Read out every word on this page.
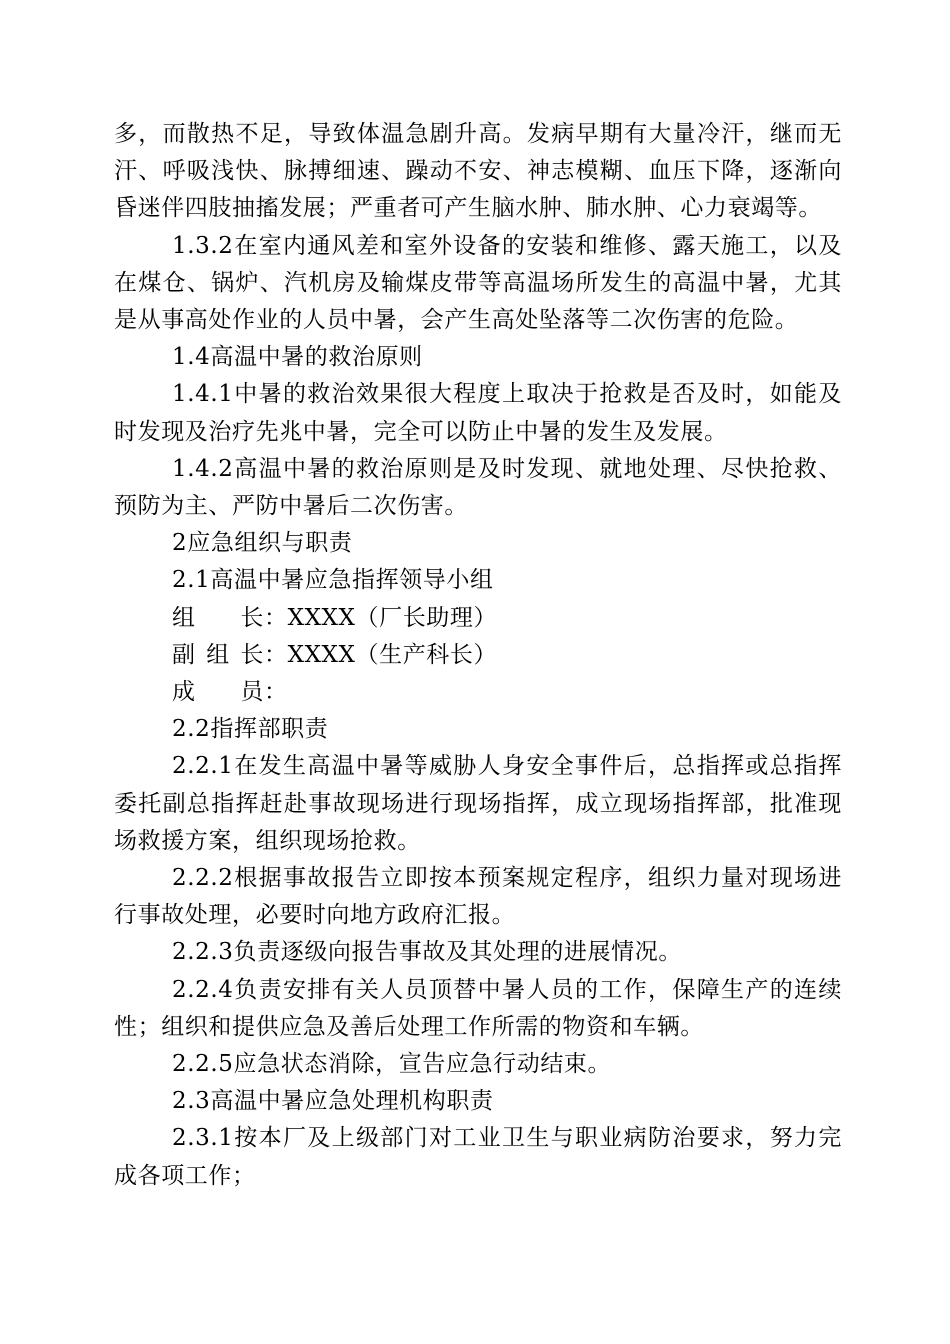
多，而散热不足，导致体温急剧升高。发病早期有大量冷汗，继而无汗、呼吸浅快、脉搏细速、躁动不安、神志模糊、血压下降，逐渐向昏迷伴四肢抽搐发展；严重者可产生脑水肿、肺水肿、心力衰竭等。

1.3.2在室内通风差和室外设备的安装和维修、露天施工，以及在煤仓、锅炉、汽机房及输煤皮带等高温场所发生的高温中暑，尤其是从事高处作业的人员中暑，会产生高处坠落等二次伤害的危险。

1.4高温中暑的救治原则

1.4.1中暑的救治效果很大程度上取决于抢救是否及时，如能及时发现及治疗先兆中暑，完全可以防止中暑的发生及发展。

1.4.2高温中暑的救治原则是及时发现、就地处理、尽快抢救、预防为主、严防中暑后二次伤害。

2应急组织与职责

2.1高温中暑应急指挥领导小组

组长 ： XXXX（厂长助理）
副组长 ： XXXX（生产科长）
成员 ：

2.2指挥部职责

2.2.1在发生高温中暑等威胁人身安全事件后，总指挥或总指挥委托副总指挥赶赴事故现场进行现场指挥，成立现场指挥部，批准现场救援方案，组织现场抢救。

2.2.2根据事故报告立即按本预案规定程序，组织力量对现场进行事故处理，必要时向地方政府汇报。

2.2.3负责逐级向报告事故及其处理的进展情况。

2.2.4负责安排有关人员顶替中暑人员的工作，保障生产的连续性；组织和提供应急及善后处理工作所需的物资和车辆。

2.2.5应急状态消除，宣告应急行动结束。

2.3高温中暑应急处理机构职责

2.3.1按本厂及上级部门对工业卫生与职业病防治要求，努力完成各项工作；
